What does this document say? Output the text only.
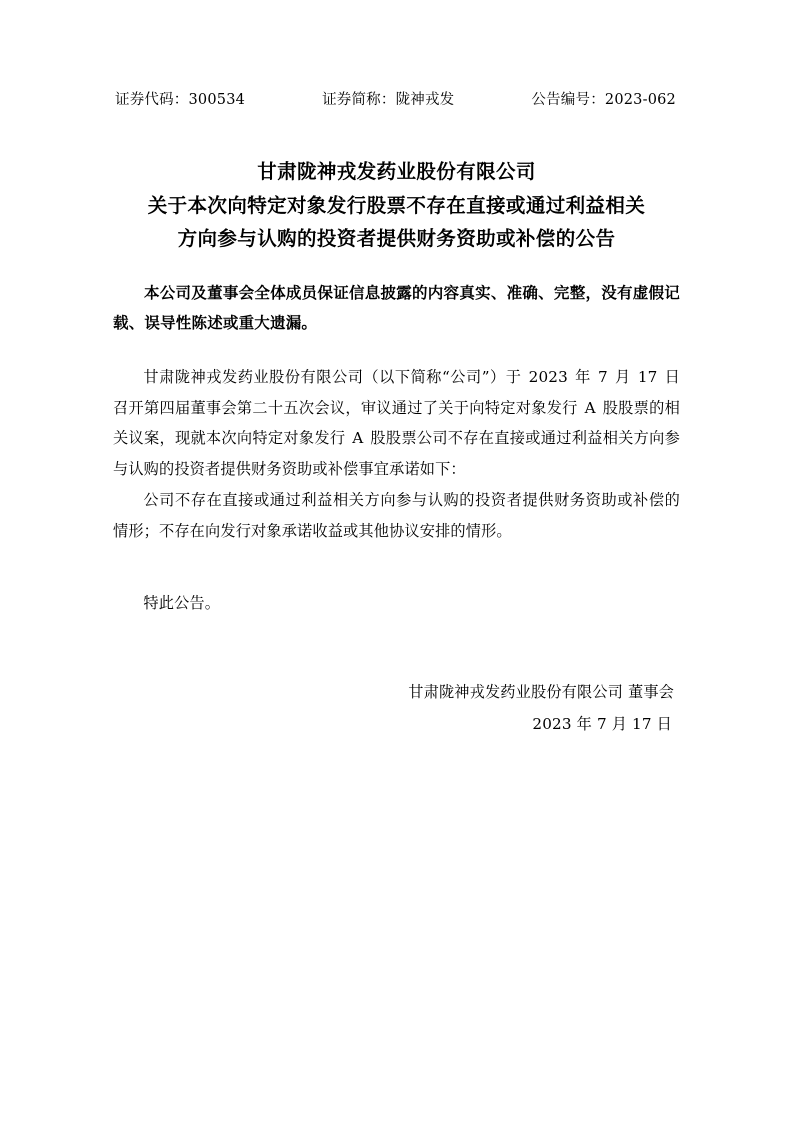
证券代码：300534	证券简称：陇神戎发	公告编号：2023-062
甘肃陇神戎发药业股份有限公司
关于本次向特定对象发行股票不存在直接或通过利益相关
方向参与认购的投资者提供财务资助或补偿的公告

本公司及董事会全体成员保证信息披露的内容真实、准确、完整，没有虚假记载、误导性陈述或重大遗漏。

甘肃陇神戎发药业股份有限公司（以下简称“公司”）于 2023 年 7 月 17 日召开第四届董事会第二十五次会议，审议通过了关于向特定对象发行 A 股股票的相关议案，现就本次向特定对象发行 A 股股票公司不存在直接或通过利益相关方向参与认购的投资者提供财务资助或补偿事宜承诺如下：

公司不存在直接或通过利益相关方向参与认购的投资者提供财务资助或补偿的情形；不存在向发行对象承诺收益或其他协议安排的情形。

特此公告。

甘肃陇神戎发药业股份有限公司 董事会
2023 年 7 月 17 日
